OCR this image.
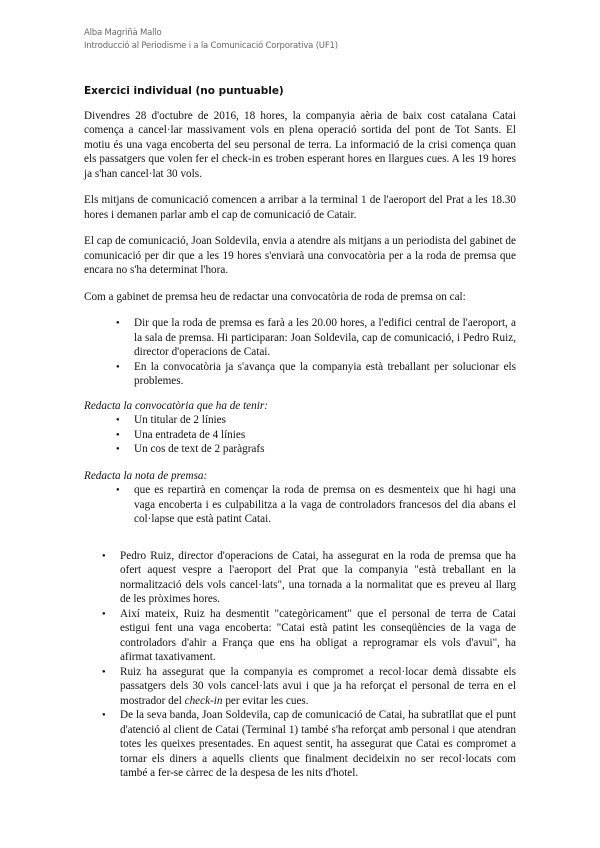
Alba Magriñà Mallo
Introducció al Periodisme i a la Comunicació Corporativa (UF1)
Exercici individual (no puntuable)

Divendres 28 d'octubre de 2016, 18 hores, la companyia aèria de baix cost catalana Catai comença a cancel·lar massivament vols en plena operació sortida del pont de Tot Sants. El motiu és una vaga encoberta del seu personal de terra. La informació de la crisi comença quan els passatgers que volen fer el check-in es troben esperant hores en llargues cues. A les 19 hores ja s'han cancel·lat 30 vols.

Els mitjans de comunicació comencen a arribar a la terminal 1 de l'aeroport del Prat a les 18.30 hores i demanen parlar amb el cap de comunicació de Catair.

El cap de comunicació, Joan Soldevila, envia a atendre als mitjans a un periodista del gabinet de comunicació per dir que a les 19 hores s'enviarà una convocatòria per a la roda de premsa que encara no s'ha determinat l'hora.

Com a gabinet de premsa heu de redactar una convocatòria de roda de premsa on cal:

● Dir que la roda de premsa es farà a les 20.00 hores, a l'edifici central de l'aeroport, a la sala de premsa. Hi participaran: Joan Soldevila, cap de comunicació, i Pedro Ruiz, director d'operacions de Catai.
● En la convocatòria ja s'avança que la companyia està treballant per solucionar els problemes.

Redacta la convocatòria que ha de tenir:

● Un titular de 2 línies
● Una entradeta de 4 línies
● Un cos de text de 2 paràgrafs

Redacta la nota de premsa:

● que es repartirà en començar la roda de premsa on es desmenteix que hi hagi una vaga encoberta i es culpabilitza a la vaga de controladors francesos del dia abans el col·lapse que està patint Catai.
● Pedro Ruiz, director d'operacions de Catai, ha assegurat en la roda de premsa que ha ofert aquest vespre a l'aeroport del Prat que la companyia "està treballant en la normalització dels vols cancel·lats", una tornada a la normalitat que es preveu al llarg de les pròximes hores.
● Així mateix, Ruiz ha desmentit "categòricament" que el personal de terra de Catai estigui fent una vaga encoberta: "Catai està patint les conseqüències de la vaga de controladors d'ahir a França que ens ha obligat a reprogramar els vols d'avui", ha afirmat taxativament.
● Ruiz ha assegurat que la companyia es compromet a recol·locar demà dissabte els passatgers dels 30 vols cancel·lats avui i que ja ha reforçat el personal de terra en el mostrador del check-in per evitar les cues.
● De la seva banda, Joan Soldevila, cap de comunicació de Catai, ha subratllat que el punt d'atenció al client de Catai (Terminal 1) també s'ha reforçat amb personal i que atendran totes les queixes presentades. En aquest sentit, ha assegurat que Catai es compromet a tornar els diners a aquells clients que finalment decideixin no ser recol·locats com també a fer-se càrrec de la despesa de les nits d'hotel.
